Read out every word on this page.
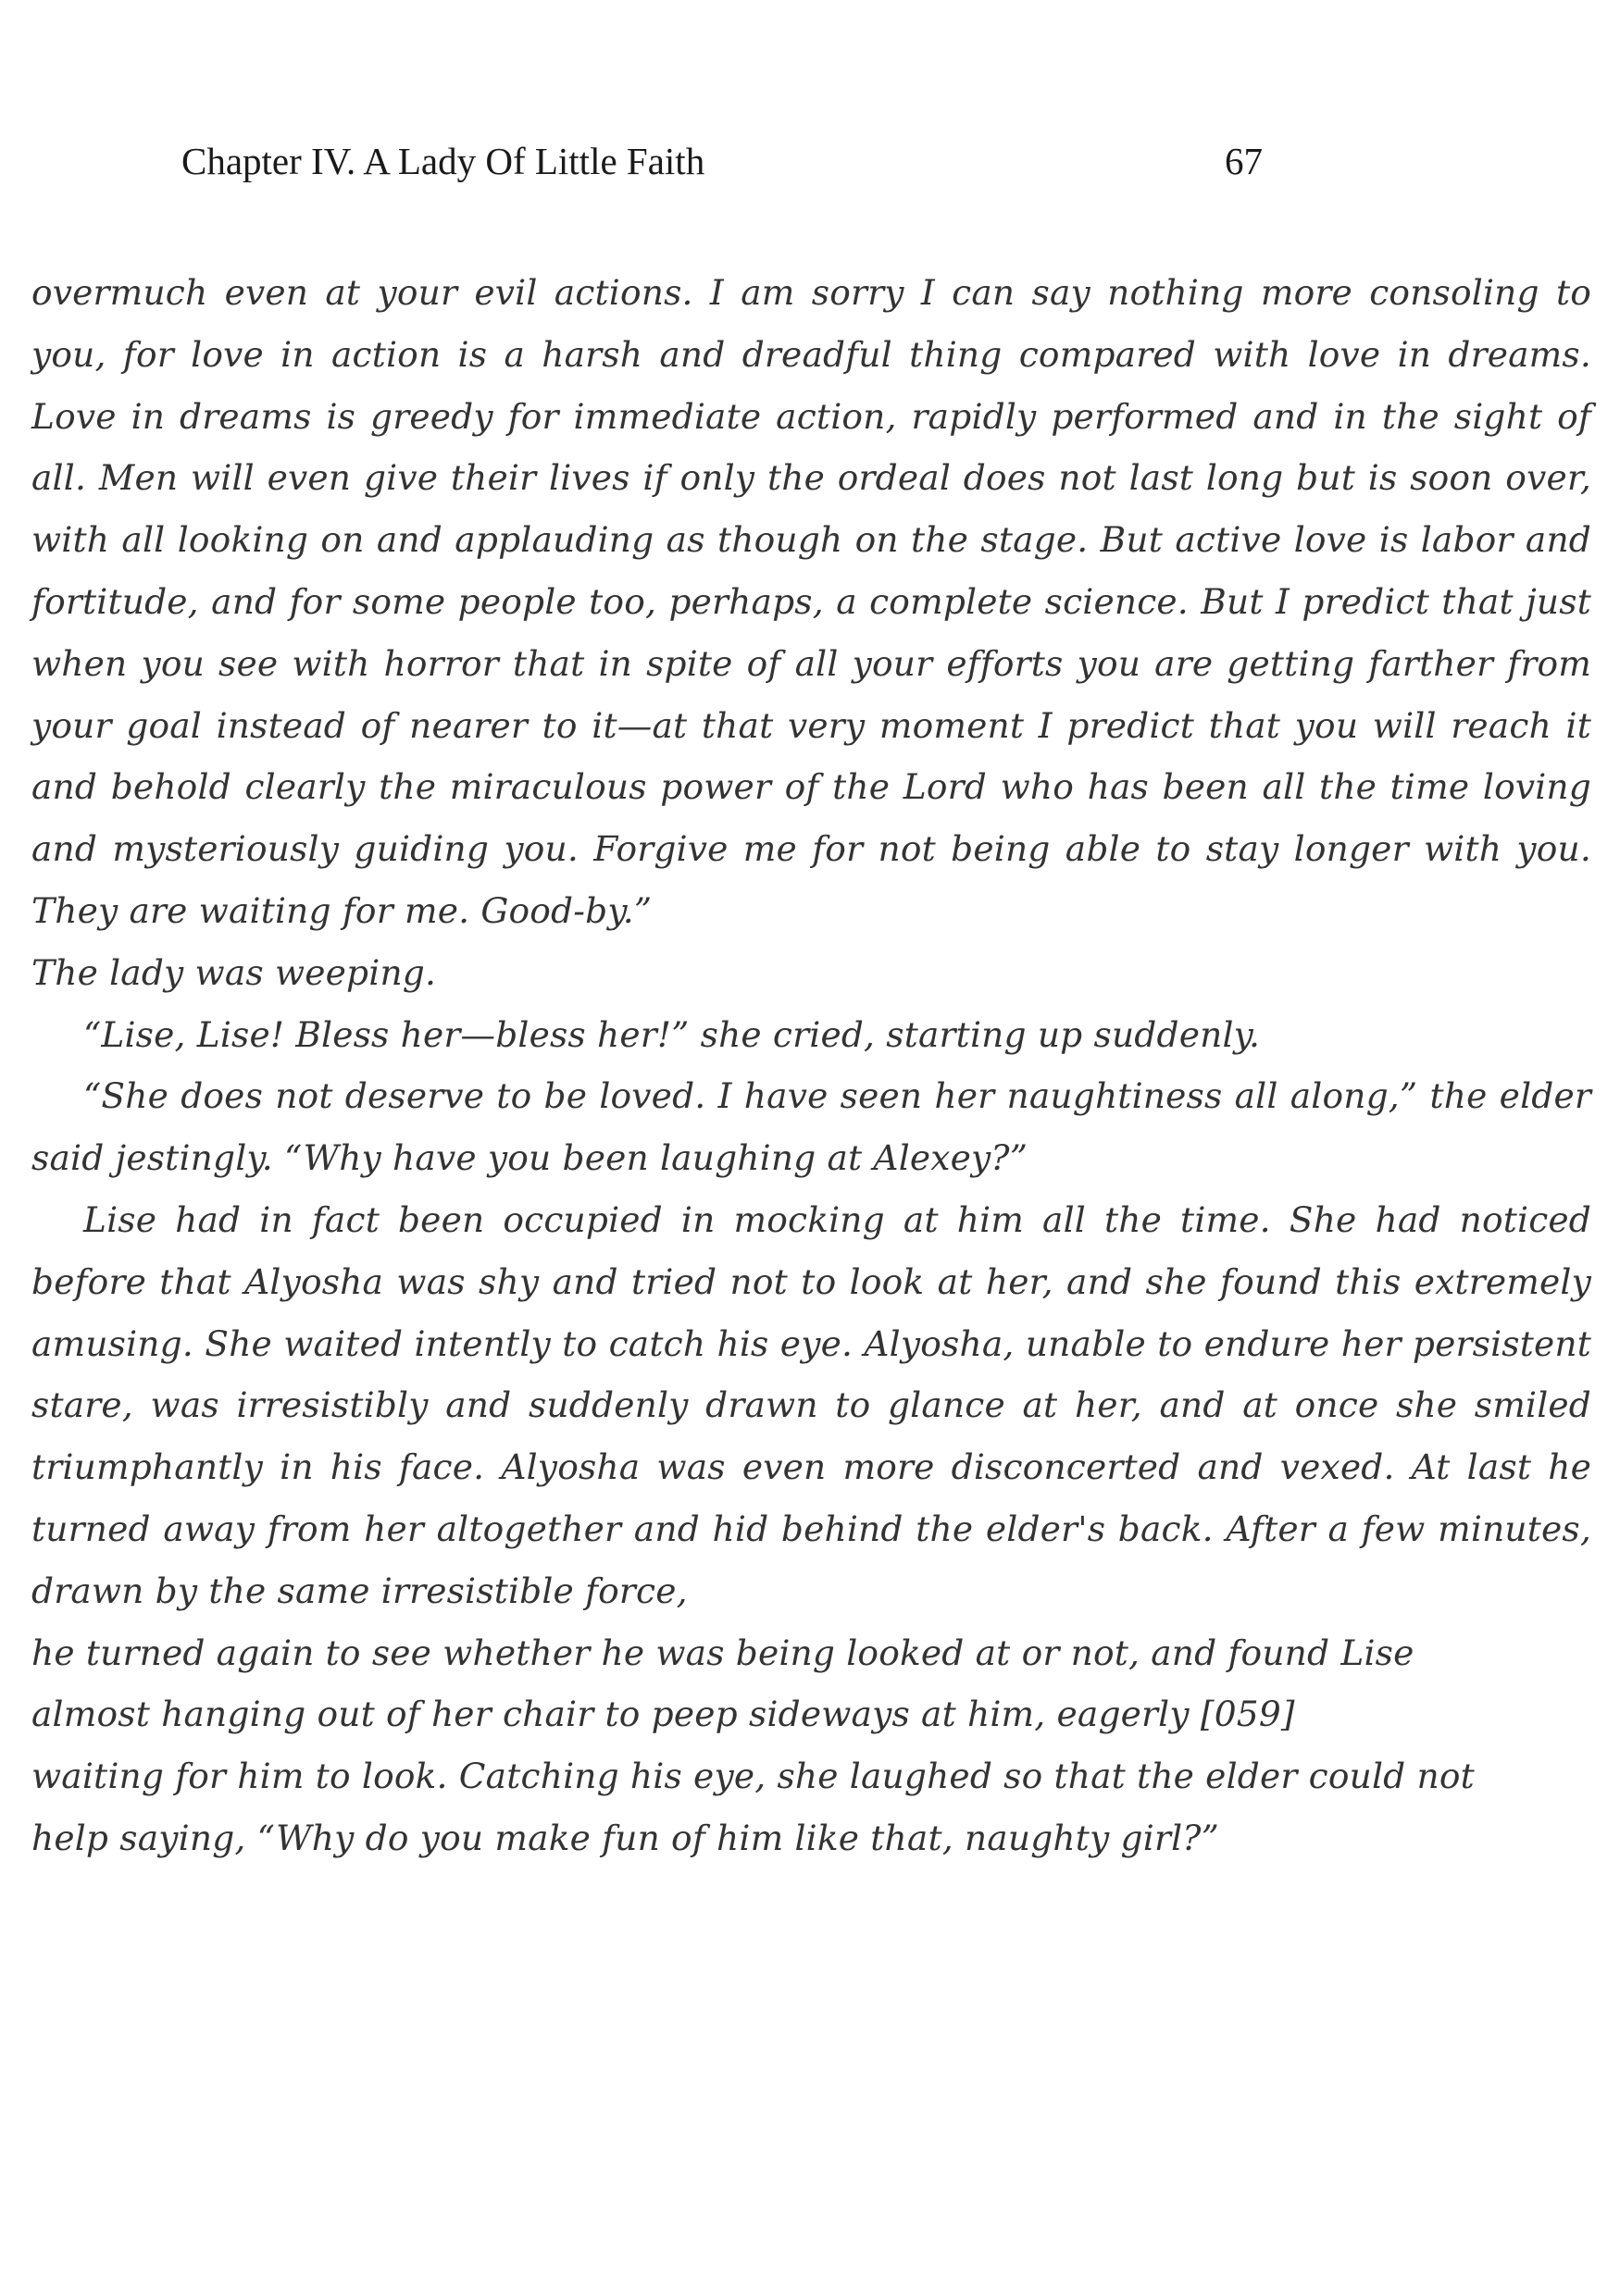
Chapter IV. A Lady Of Little Faith	67

overmuch even at your evil actions. I am sorry I can say nothing more consoling to you, for love in action is a harsh and dreadful thing compared with love in dreams. Love in dreams is greedy for immediate action, rapidly performed and in the sight of all. Men will even give their lives if only the ordeal does not last long but is soon over, with all looking on and applauding as though on the stage. But active love is labor and fortitude, and for some people too, perhaps, a complete science. But I predict that just when you see with horror that in spite of all your efforts you are getting farther from your goal instead of nearer to it—at that very moment I predict that you will reach it and behold clearly the miraculous power of the Lord who has been all the time loving and mysteriously guiding you. Forgive me for not being able to stay longer with you. They are waiting for me. Good-by.”

The lady was weeping.

“Lise, Lise! Bless her—bless her!” she cried, starting up suddenly.

“She does not deserve to be loved. I have seen her naughtiness all along,” the elder said jestingly. “Why have you been laughing at Alexey?”

Lise had in fact been occupied in mocking at him all the time. She had noticed before that Alyosha was shy and tried not to look at her, and she found this extremely amusing. She waited intently to catch his eye. Alyosha, unable to endure her persistent stare, was irresistibly and suddenly drawn to glance at her, and at once she smiled triumphantly in his face. Alyosha was even more disconcerted and vexed. At last he turned away from her altogether and hid behind the elder's back. After a few minutes, drawn by the same irresistible force,

he turned again to see whether he was being looked at or not, and found Lise
almost hanging out of her chair to peep sideways at him, eagerly [059]
waiting for him to look. Catching his eye, she laughed so that the elder could not
help saying, “Why do you make fun of him like that, naughty girl?”
